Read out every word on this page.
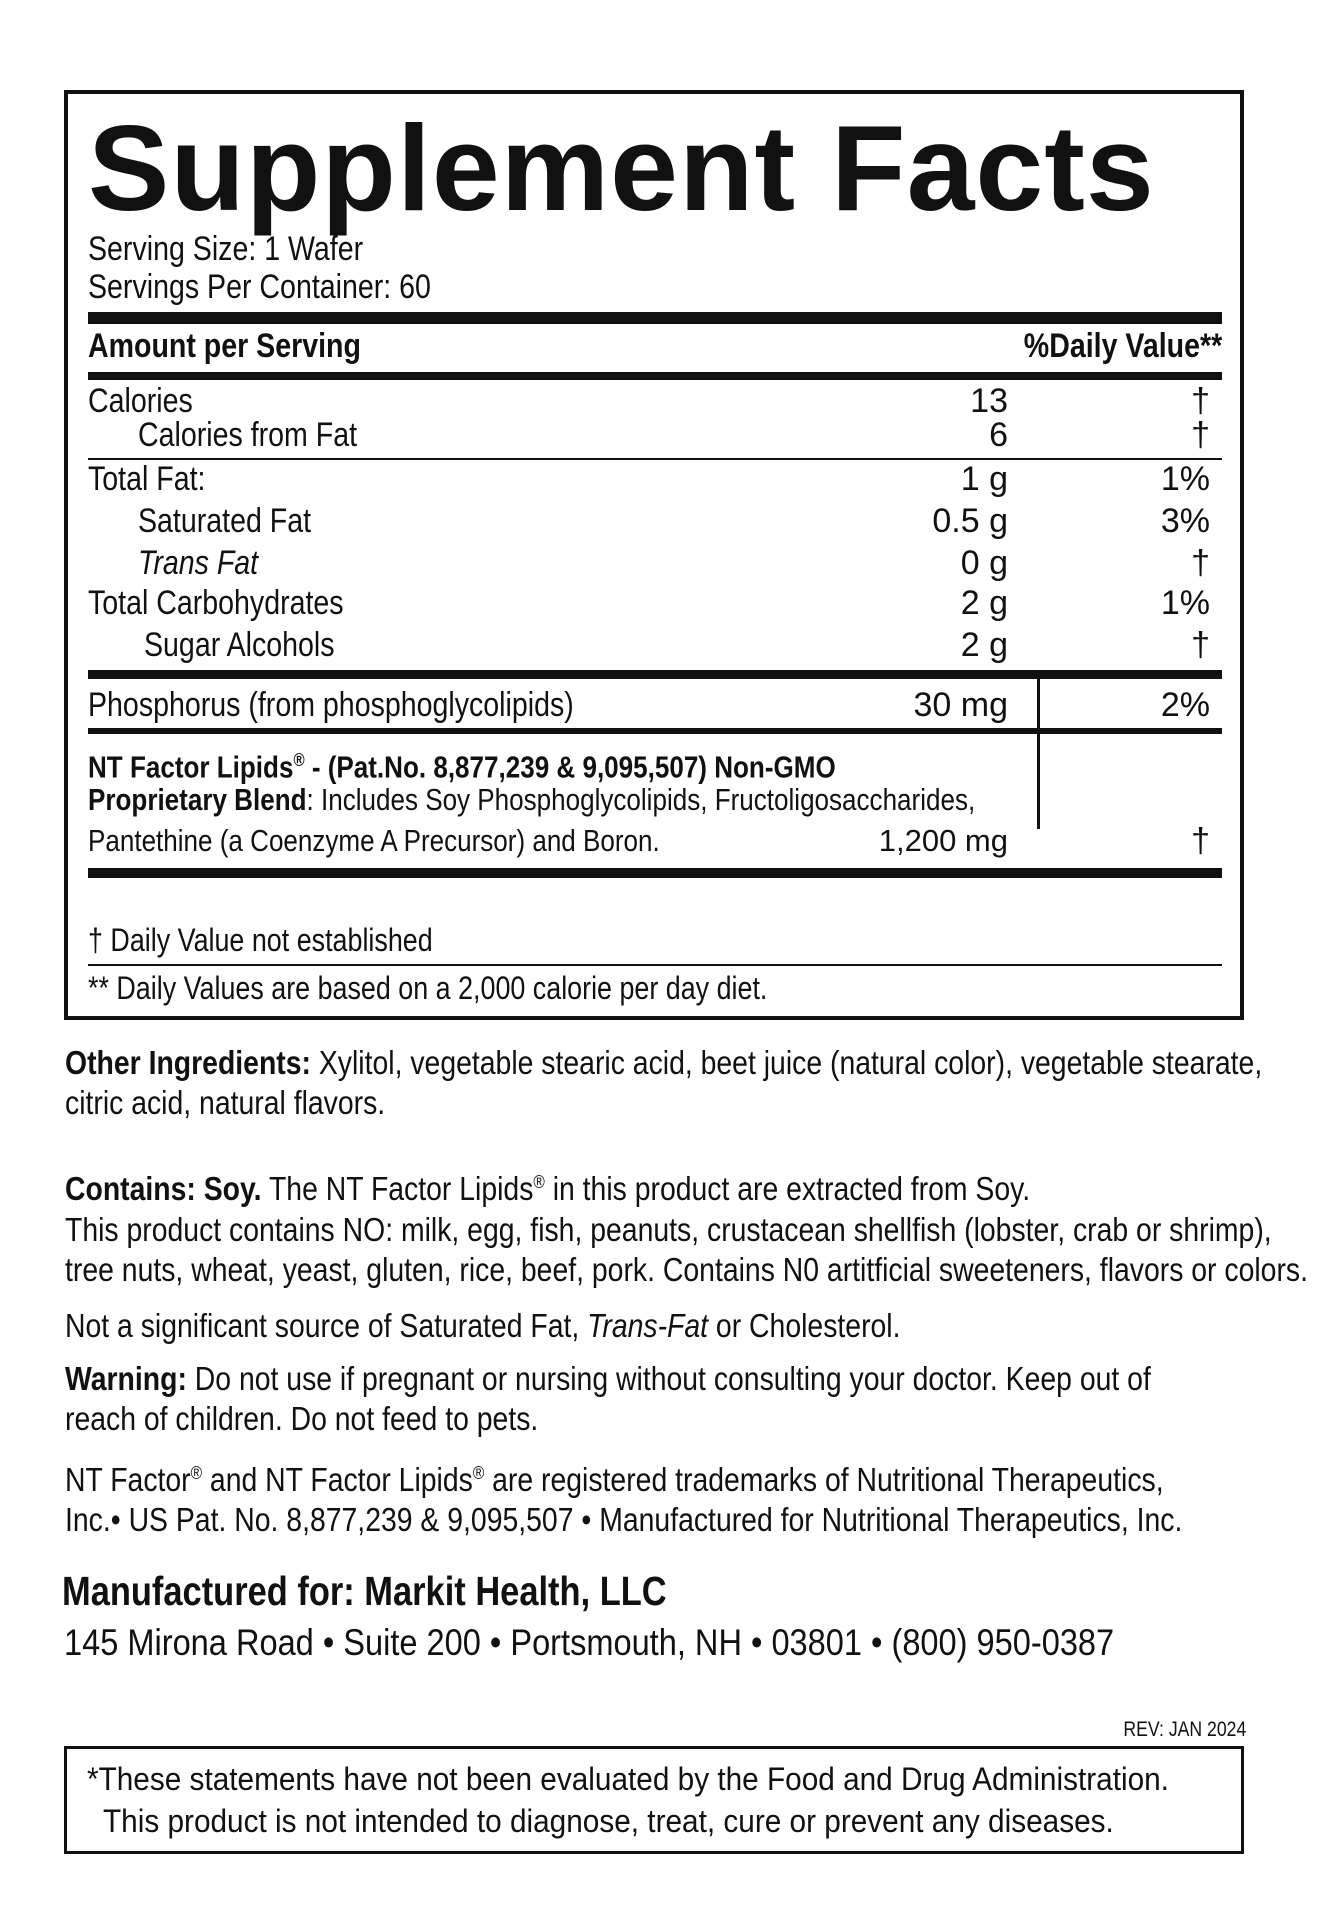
Supplement Facts
Serving Size: 1 Wafer
Servings Per Container: 60
Amount per Serving	%Daily Value**
Calories	13	†
Calories from Fat	6	†
Total Fat:	1 g	1%
Saturated Fat	0.5 g	3%
Trans Fat	0 g	†
Total Carbohydrates	2 g	1%
Sugar Alcohols	2 g	†
Phosphorus (from phosphoglycolipids)	30 mg	2%
NT Factor Lipids® - (Pat.No. 8,877,239 & 9,095,507) Non-GMO
Proprietary Blend: Includes Soy Phosphoglycolipids, Fructoligosaccharides,
Pantethine (a Coenzyme A Precursor) and Boron.	1,200 mg	†
† Daily Value not established
** Daily Values are based on a 2,000 calorie per day diet.
Other Ingredients: Xylitol, vegetable stearic acid, beet juice (natural color), vegetable stearate,
citric acid, natural flavors.
Contains: Soy. The NT Factor Lipids® in this product are extracted from Soy.
This product contains NO: milk, egg, fish, peanuts, crustacean shellfish (lobster, crab or shrimp),
tree nuts, wheat, yeast, gluten, rice, beef, pork. Contains N0 artitficial sweeteners, flavors or colors.
Not a significant source of Saturated Fat, Trans-Fat or Cholesterol.
Warning: Do not use if pregnant or nursing without consulting your doctor. Keep out of
reach of children. Do not feed to pets.
NT Factor® and NT Factor Lipids® are registered trademarks of Nutritional Therapeutics,
Inc.• US Pat. No. 8,877,239 & 9,095,507 • Manufactured for Nutritional Therapeutics, Inc.
Manufactured for: Markit Health, LLC
145 Mirona Road • Suite 200 • Portsmouth, NH • 03801 • (800) 950-0387
REV: JAN 2024
*These statements have not been evaluated by the Food and Drug Administration.
This product is not intended to diagnose, treat, cure or prevent any diseases.
